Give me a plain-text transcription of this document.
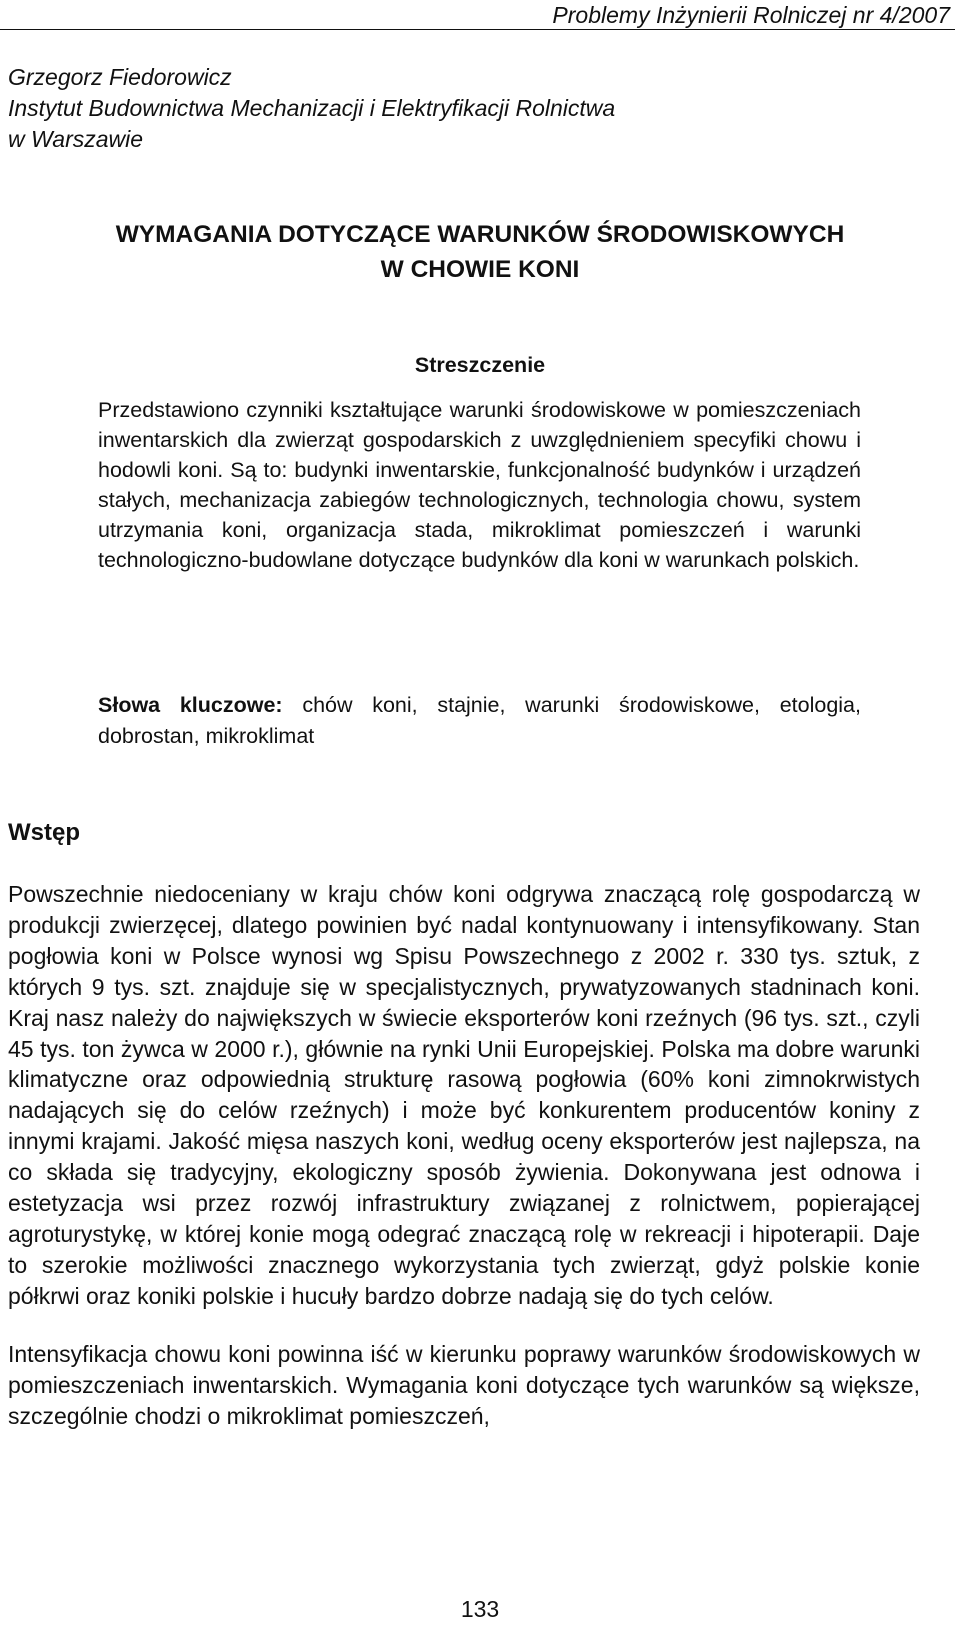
Problemy Inżynierii Rolniczej nr 4/2007
Grzegorz Fiedorowicz
Instytut Budownictwa Mechanizacji i Elektryfikacji Rolnictwa
w Warszawie
WYMAGANIA DOTYCZĄCE WARUNKÓW ŚRODOWISKOWYCH
W CHOWIE KONI
Streszczenie
Przedstawiono czynniki kształtujące warunki środowiskowe w pomieszczeniach inwentarskich dla zwierząt gospodarskich z uwzględnieniem specyfiki chowu i hodowli koni. Są to: budynki inwentarskie, funkcjonalność budynków i urządzeń stałych, mechanizacja zabiegów technologicznych, technologia chowu, system utrzymania koni, organizacja stada, mikroklimat pomieszczeń i warunki technologiczno-budowlane dotyczące budynków dla koni w warunkach polskich.
Słowa kluczowe: chów koni, stajnie, warunki środowiskowe, etologia, dobrostan, mikroklimat
Wstęp

Powszechnie niedoceniany w kraju chów koni odgrywa znaczącą rolę gospodarczą w produkcji zwierzęcej, dlatego powinien być nadal kontynuowany i intensyfikowany. Stan pogłowia koni w Polsce wynosi wg Spisu Powszechnego z 2002 r. 330 tys. sztuk, z których 9 tys. szt. znajduje się w specjalistycznych, prywatyzowanych stadninach koni. Kraj nasz należy do największych w świecie eksporterów koni rzeźnych (96 tys. szt., czyli 45 tys. ton żywca w 2000 r.), głównie na rynki Unii Europejskiej. Polska ma dobre warunki klimatyczne oraz odpowiednią strukturę rasową pogłowia (60% koni zimnokrwistych nadających się do celów rzeźnych) i może być konkurentem producentów koniny z innymi krajami. Jakość mięsa naszych koni, według oceny eksporterów jest najlepsza, na co składa się tradycyjny, ekologiczny sposób żywienia. Dokonywana jest odnowa i estetyzacja wsi przez rozwój infrastruktury związanej z rolnictwem, popierającej agroturystykę, w której konie mogą odegrać znaczącą rolę w rekreacji i hipoterapii. Daje to szerokie możliwości znacznego wykorzystania tych zwierząt, gdyż polskie konie półkrwi oraz koniki polskie i hucuły bardzo dobrze nadają się do tych celów.

Intensyfikacja chowu koni powinna iść w kierunku poprawy warunków środowiskowych w pomieszczeniach inwentarskich. Wymagania koni dotyczące tych warunków są większe, szczególnie chodzi o mikroklimat pomieszczeń,

133
